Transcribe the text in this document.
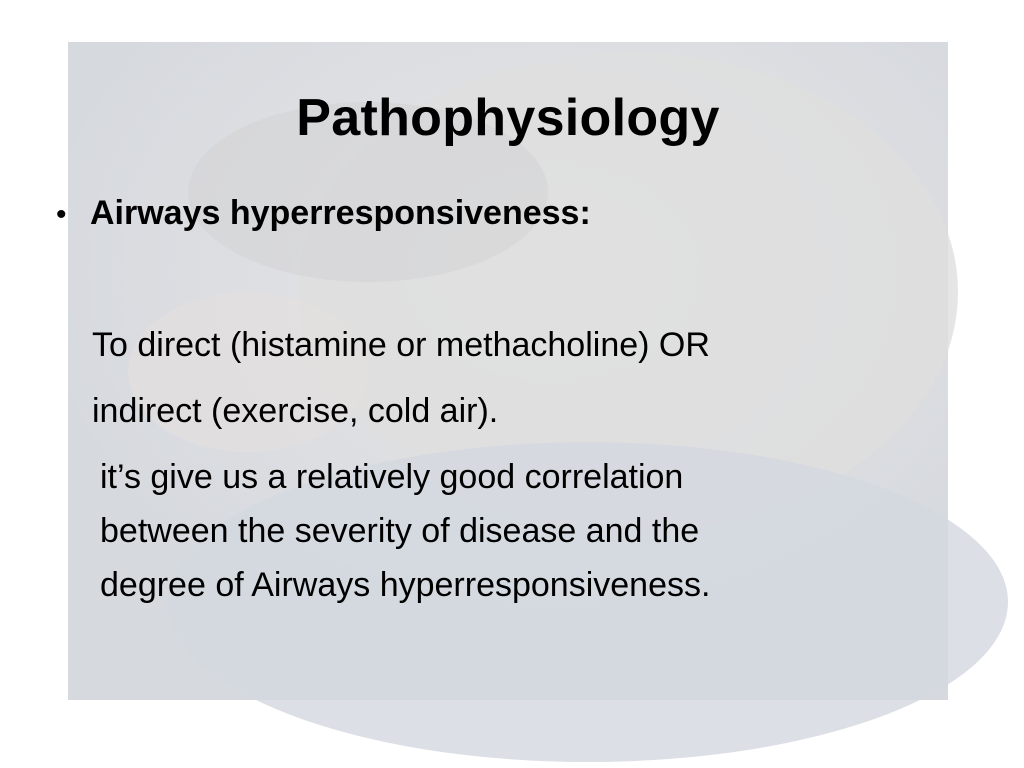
Pathophysiology
• Airways hyperresponsiveness:
To direct (histamine or methacholine) OR
indirect (exercise, cold air).
it’s give us a relatively good correlation
between the severity of disease and the
degree of Airways hyperresponsiveness.
